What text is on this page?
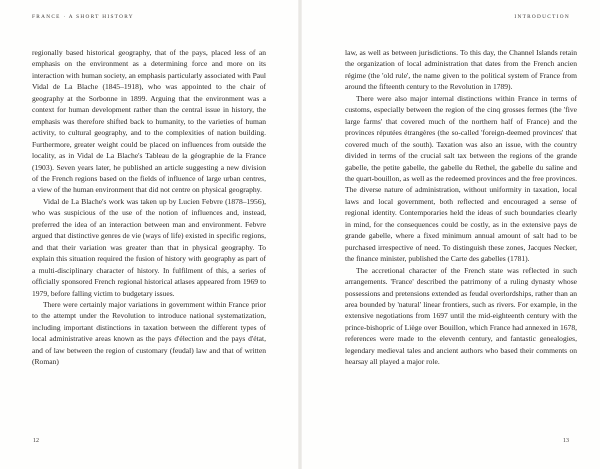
FRANCE · A SHORT HISTORY

regionally based historical geography, that of the pays, placed less of an emphasis on the environment as a determining force and more on its interaction with human society, an emphasis particularly associated with Paul Vidal de La Blache (1845–1918), who was appointed to the chair of geography at the Sorbonne in 1899. Arguing that the environment was a context for human development rather than the central issue in history, the emphasis was therefore shifted back to humanity, to the varieties of human activity, to cultural geography, and to the complexities of nation building. Furthermore, greater weight could be placed on influences from outside the locality, as in Vidal de La Blache's Tableau de la géographie de la France (1903). Seven years later, he published an article suggesting a new division of the French regions based on the fields of influence of large urban centres, a view of the human environment that did not centre on physical geography.

Vidal de La Blache's work was taken up by Lucien Febvre (1878–1956), who was suspicious of the use of the notion of influences and, instead, preferred the idea of an interaction between man and environment. Febvre argued that distinctive genres de vie (ways of life) existed in specific regions, and that their variation was greater than that in physical geography. To explain this situation required the fusion of history with geography as part of a multi-disciplinary character of history. In fulfilment of this, a series of officially sponsored French regional historical atlases appeared from 1969 to 1979, before falling victim to budgetary issues.

There were certainly major variations in government within France prior to the attempt under the Revolution to introduce national systematization, including important distinctions in taxation between the different types of local administrative areas known as the pays d'élection and the pays d'état, and of law between the region of customary (feudal) law and that of written (Roman)

12
INTRODUCTION

law, as well as between jurisdictions. To this day, the Channel Islands retain the organization of local administration that dates from the French ancien régime (the 'old rule', the name given to the political system of France from around the fifteenth century to the Revolution in 1789).

There were also major internal distinctions within France in terms of customs, especially between the region of the cinq grosses fermes (the 'five large farms' that covered much of the northern half of France) and the provinces réputées étrangères (the so-called 'foreign-deemed provinces' that covered much of the south). Taxation was also an issue, with the country divided in terms of the crucial salt tax between the regions of the grande gabelle, the petite gabelle, the gabelle du Rethel, the gabelle du saline and the quart-bouillon, as well as the redeemed provinces and the free provinces. The diverse nature of administration, without uniformity in taxation, local laws and local government, both reflected and encouraged a sense of regional identity. Contemporaries held the ideas of such boundaries clearly in mind, for the consequences could be costly, as in the extensive pays de grande gabelle, where a fixed minimum annual amount of salt had to be purchased irrespective of need. To distinguish these zones, Jacques Necker, the finance minister, published the Carte des gabelles (1781).

The accretional character of the French state was reflected in such arrangements. 'France' described the patrimony of a ruling dynasty whose possessions and pretensions extended as feudal overlordships, rather than an area bounded by 'natural' linear frontiers, such as rivers. For example, in the extensive negotiations from 1697 until the mid-eighteenth century with the prince-bishopric of Liège over Bouillon, which France had annexed in 1678, references were made to the eleventh century, and fantastic genealogies, legendary medieval tales and ancient authors who based their comments on hearsay all played a major role.

13
